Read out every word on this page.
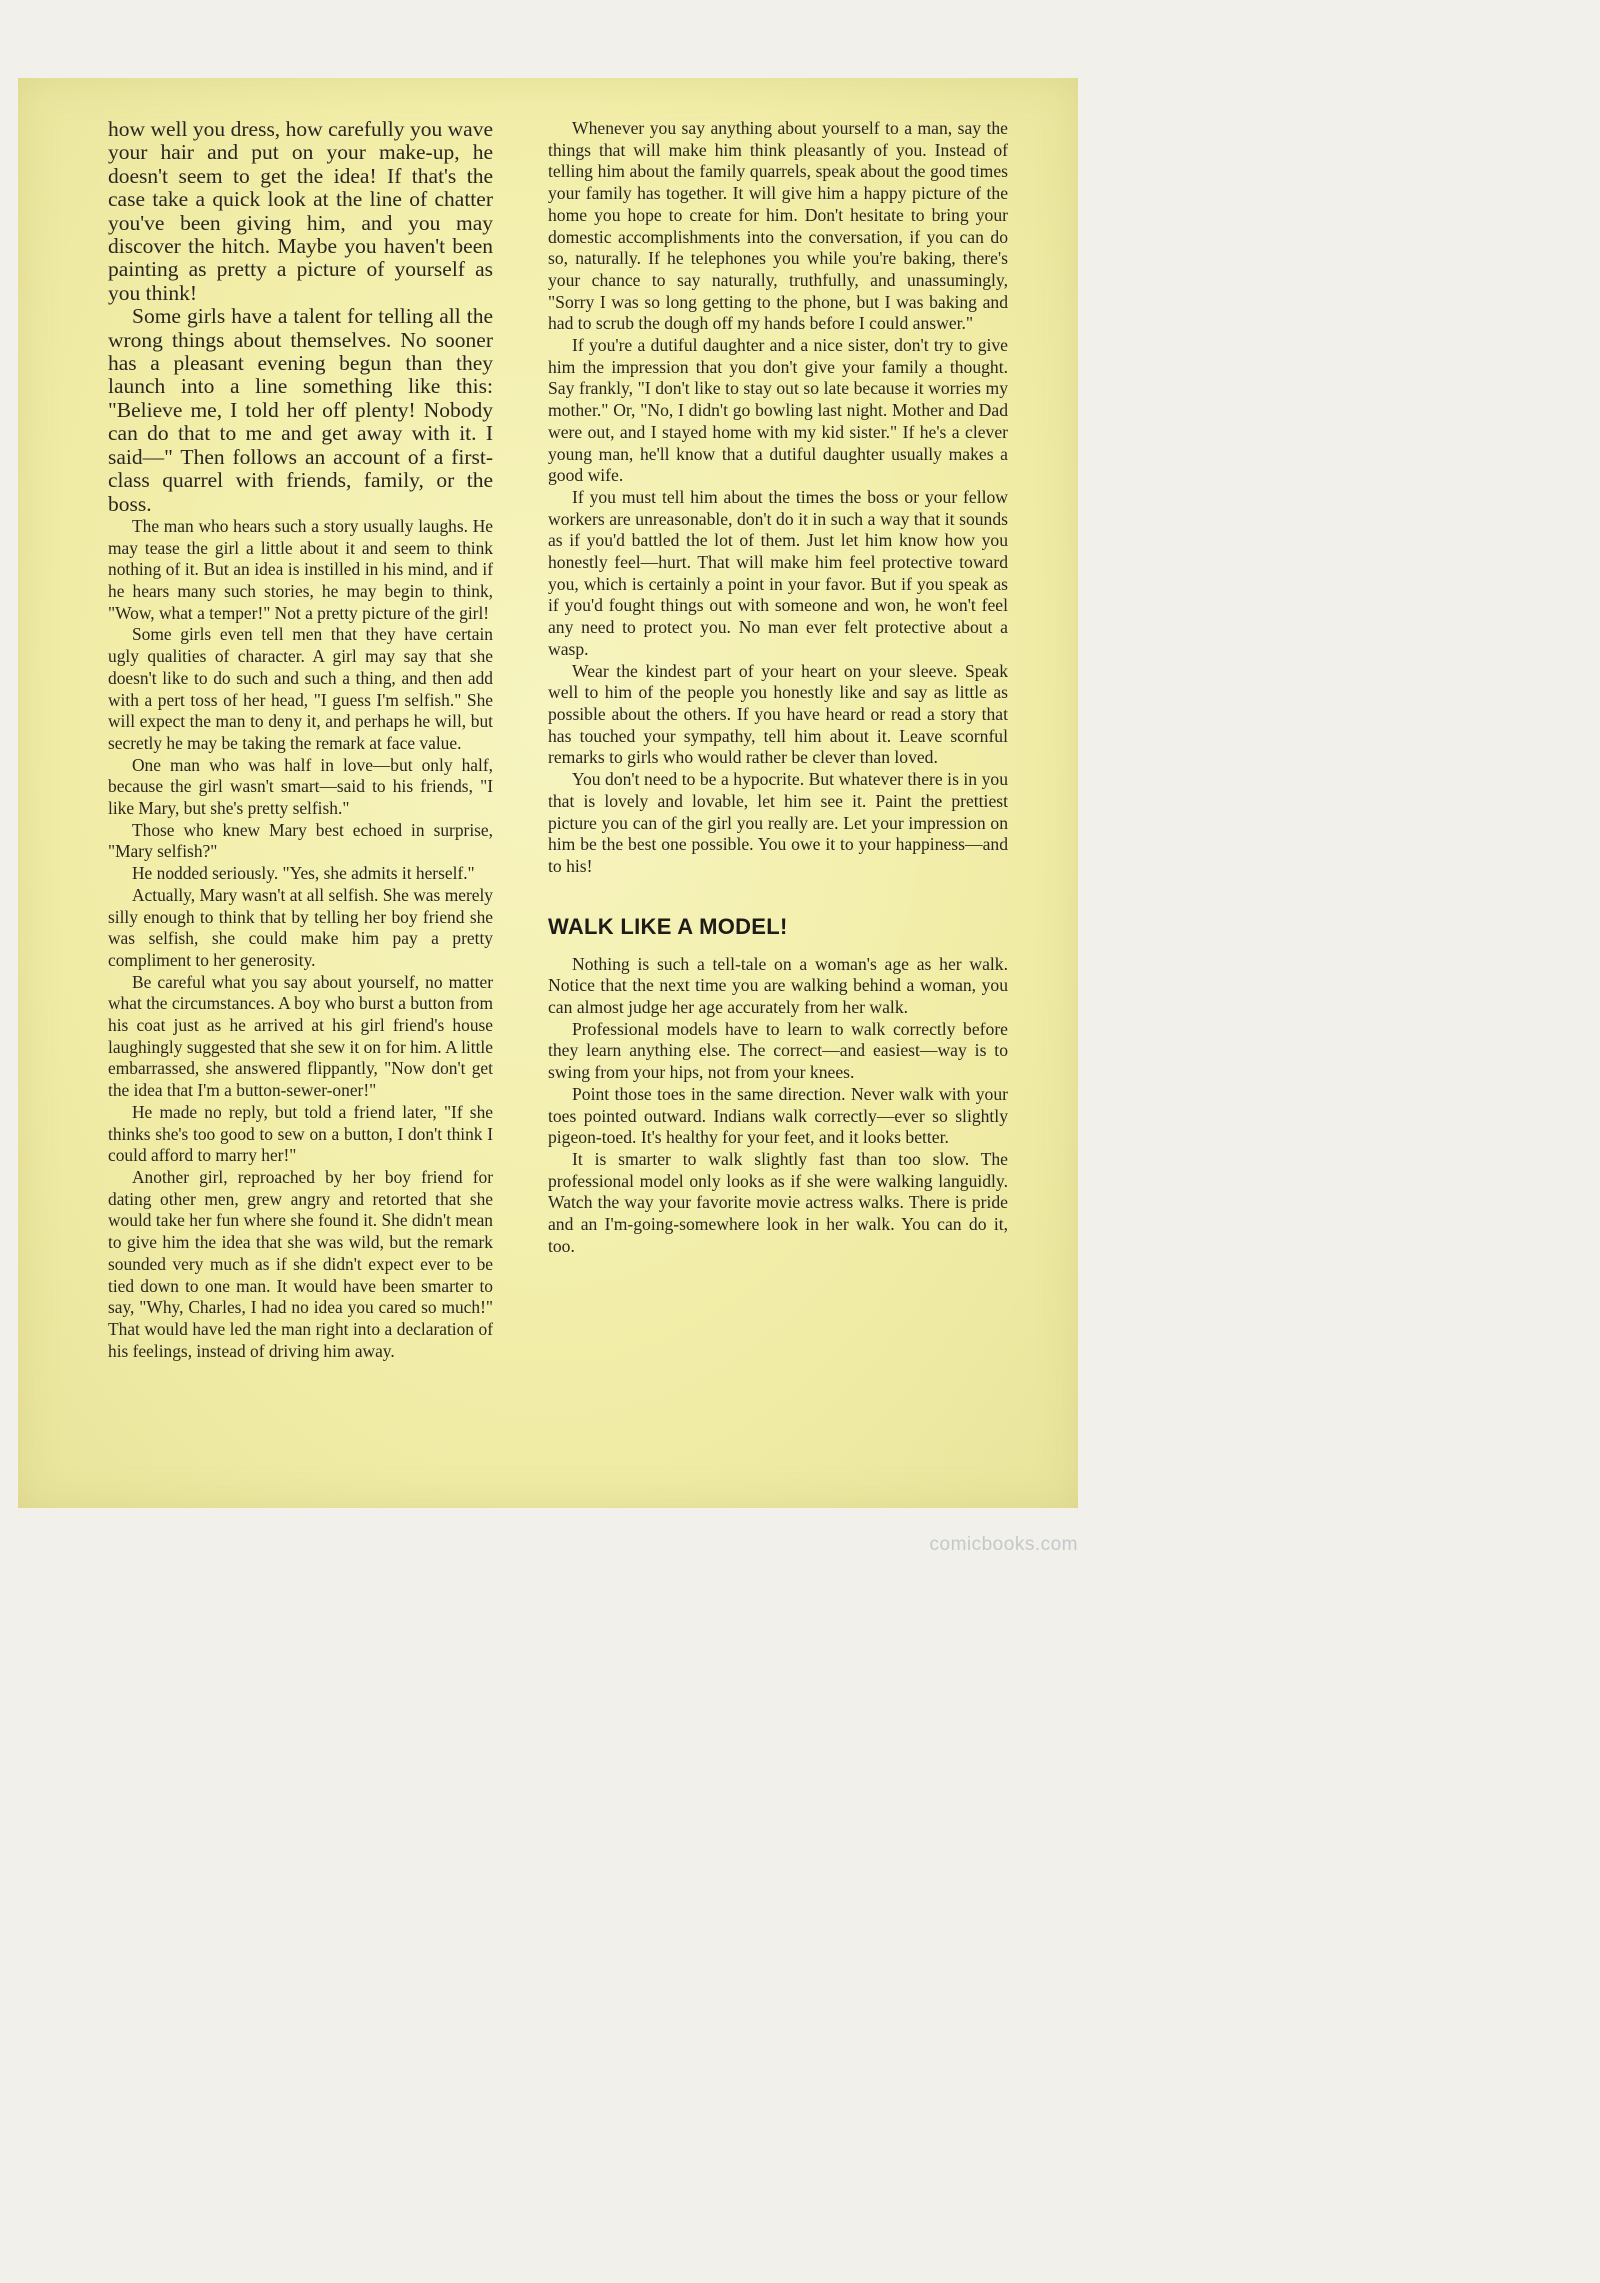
how well you dress, how carefully you wave your hair and put on your make-up, he doesn't seem to get the idea! If that's the case take a quick look at the line of chatter you've been giving him, and you may discover the hitch. Maybe you haven't been painting as pretty a picture of yourself as you think!

Some girls have a talent for telling all the wrong things about themselves. No sooner has a pleasant evening begun than they launch into a line something like this: "Believe me, I told her off plenty! Nobody can do that to me and get away with it. I said—" Then follows an account of a first-class quarrel with friends, family, or the boss.

The man who hears such a story usually laughs. He may tease the girl a little about it and seem to think nothing of it. But an idea is instilled in his mind, and if he hears many such stories, he may begin to think, "Wow, what a temper!" Not a pretty picture of the girl!

Some girls even tell men that they have certain ugly qualities of character. A girl may say that she doesn't like to do such and such a thing, and then add with a pert toss of her head, "I guess I'm selfish." She will expect the man to deny it, and perhaps he will, but secretly he may be taking the remark at face value.

One man who was half in love—but only half, because the girl wasn't smart—said to his friends, "I like Mary, but she's pretty selfish."

Those who knew Mary best echoed in surprise, "Mary selfish?"

He nodded seriously. "Yes, she admits it herself."

Actually, Mary wasn't at all selfish. She was merely silly enough to think that by telling her boy friend she was selfish, she could make him pay a pretty compliment to her generosity.

Be careful what you say about yourself, no matter what the circumstances. A boy who burst a button from his coat just as he arrived at his girl friend's house laughingly suggested that she sew it on for him. A little embarrassed, she answered flippantly, "Now don't get the idea that I'm a button-sewer-oner!"

He made no reply, but told a friend later, "If she thinks she's too good to sew on a button, I don't think I could afford to marry her!"

Another girl, reproached by her boy friend for dating other men, grew angry and retorted that she would take her fun where she found it. She didn't mean to give him the idea that she was wild, but the remark sounded very much as if she didn't expect ever to be tied down to one man. It would have been smarter to say, "Why, Charles, I had no idea you cared so much!" That would have led the man right into a declaration of his feelings, instead of driving him away.

Whenever you say anything about yourself to a man, say the things that will make him think pleasantly of you. Instead of telling him about the family quarrels, speak about the good times your family has together. It will give him a happy picture of the home you hope to create for him. Don't hesitate to bring your domestic accomplishments into the conversation, if you can do so, naturally. If he telephones you while you're baking, there's your chance to say naturally, truthfully, and unassumingly, "Sorry I was so long getting to the phone, but I was baking and had to scrub the dough off my hands before I could answer."

If you're a dutiful daughter and a nice sister, don't try to give him the impression that you don't give your family a thought. Say frankly, "I don't like to stay out so late because it worries my mother." Or, "No, I didn't go bowling last night. Mother and Dad were out, and I stayed home with my kid sister." If he's a clever young man, he'll know that a dutiful daughter usually makes a good wife.

If you must tell him about the times the boss or your fellow workers are unreasonable, don't do it in such a way that it sounds as if you'd battled the lot of them. Just let him know how you honestly feel—hurt. That will make him feel protective toward you, which is certainly a point in your favor. But if you speak as if you'd fought things out with someone and won, he won't feel any need to protect you. No man ever felt protective about a wasp.

Wear the kindest part of your heart on your sleeve. Speak well to him of the people you honestly like and say as little as possible about the others. If you have heard or read a story that has touched your sympathy, tell him about it. Leave scornful remarks to girls who would rather be clever than loved.

You don't need to be a hypocrite. But whatever there is in you that is lovely and lovable, let him see it. Paint the prettiest picture you can of the girl you really are. Let your impression on him be the best one possible. You owe it to your happiness—and to his!

WALK LIKE A MODEL!

Nothing is such a tell-tale on a woman's age as her walk. Notice that the next time you are walking behind a woman, you can almost judge her age accurately from her walk.

Professional models have to learn to walk correctly before they learn anything else. The correct—and easiest—way is to swing from your hips, not from your knees.

Point those toes in the same direction. Never walk with your toes pointed outward. Indians walk correctly—ever so slightly pigeon-toed. It's healthy for your feet, and it looks better.

It is smarter to walk slightly fast than too slow. The professional model only looks as if she were walking languidly. Watch the way your favorite movie actress walks. There is pride and an I'm-going-somewhere look in her walk. You can do it, too.

comicbooks.com
